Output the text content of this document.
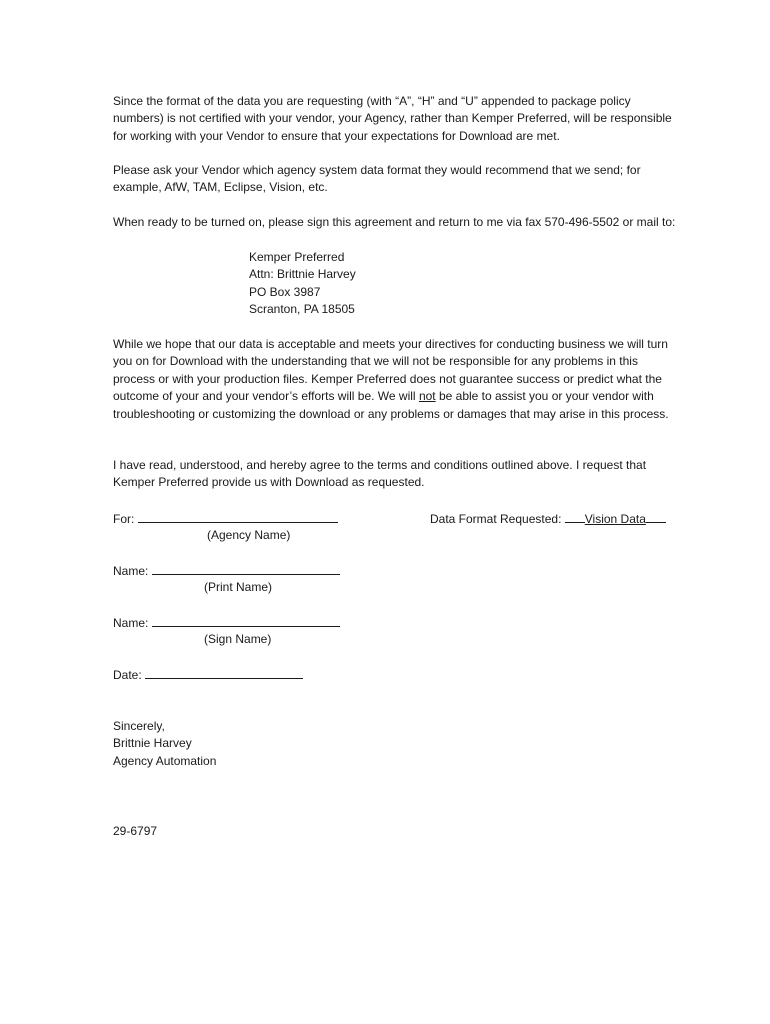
Since the format of the data you are requesting (with “A”, “H” and “U” appended to package policy numbers) is not certified with your vendor, your Agency, rather than Kemper Preferred, will be responsible for working with your Vendor to ensure that your expectations for Download are met.

Please ask your Vendor which agency system data format they would recommend that we send; for example, AfW, TAM, Eclipse, Vision, etc.

When ready to be turned on, please sign this agreement and return to me via fax 570-496-5502 or mail to:

Kemper Preferred
Attn: Brittnie Harvey
PO Box 3987
Scranton, PA 18505

While we hope that our data is acceptable and meets your directives for conducting business we will turn you on for Download with the understanding that we will not be responsible for any problems in this process or with your production files. Kemper Preferred does not guarantee success or predict what the outcome of your and your vendor’s efforts will be. We will not be able to assist you or your vendor with troubleshooting or customizing the download or any problems or damages that may arise in this process.

I have read, understood, and hereby agree to the terms and conditions outlined above. I request that Kemper Preferred provide us with Download as requested.

For:
(Agency Name)
Data Format Requested: Vision Data
Name:
(Print Name)
Name:
(Sign Name)
Date:
Sincerely,
Brittnie Harvey
Agency Automation
29-6797
